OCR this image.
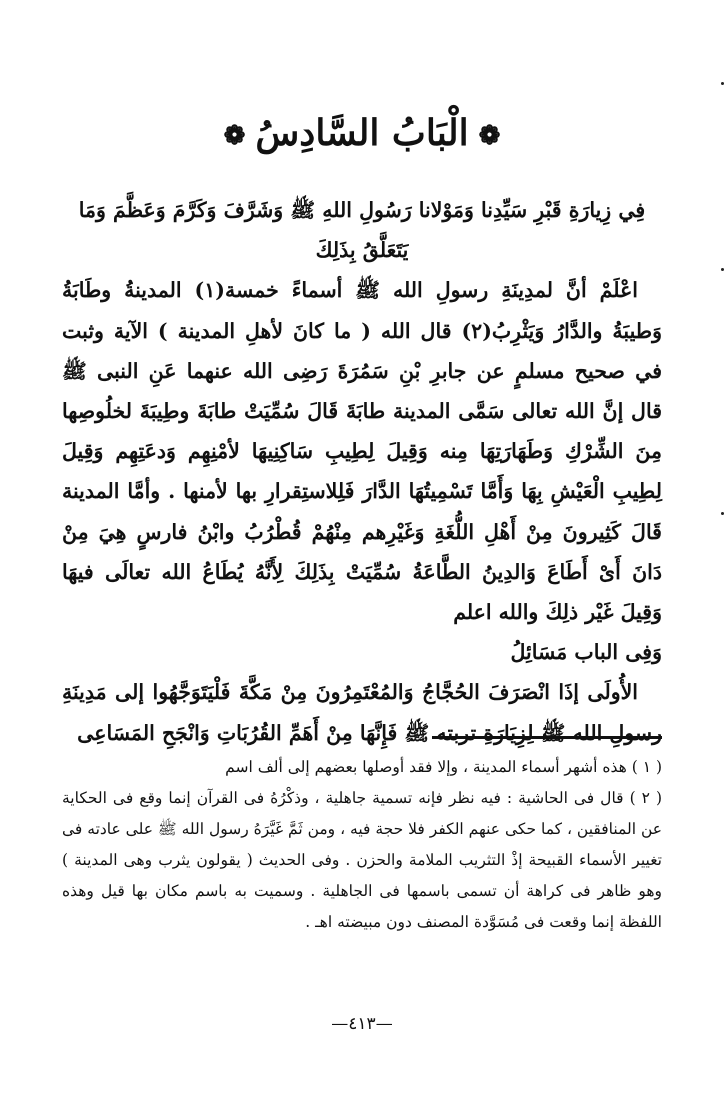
❁الْبَابُ السَّادِسُ❁

فِي زِيارَةِ قَبْرِ سَيِّدِنا وَمَوْلانا رَسُولِ اللهِ ﷺ وَشَرَّفَ وَكَرَّمَ وَعَظَّمَ وَمَا يَتَعَلَّقُ بِذَلِكَ

اعْلَمْ أنَّ لمدِينَةِ رسولِ الله ﷺ أسماءً خمسة(١) المدينةُ وطَابَةُ وَطيبَةُ والدَّارُ وَيَثْرِبُ(٢) قال الله ( ما كانَ لأهلِ المدينة ) الآية وثبت في صحيح مسلمٍ عن جابرِ بْنِ سَمُرَةَ رَضِى الله عنهما عَنِ النبى ﷺ قال إنَّ الله تعالى سَمَّى المدينة طابَةَ قَالَ سُمِّيَتْ طابَةَ وطِيبَةَ لخلُوصِها مِنَ الشِّرْكِ وَطَهَارَتِهَا مِنه وَقِيلَ لِطِيبِ سَاكِنِيهَا لأمْنِهِم وَدعَتِهِم وَقِيلَ لِطِيبِ الْعَيْشِ بِهَا وَأَمَّا تَسْمِيتُهَا الدَّارَ فَلِلاستِقرارِ بها لأمنها . وأمَّا المدينة قَالَ كَثِيرونَ مِنْ أَهْلِ اللُّغَةِ وَغَيْرِهم مِنْهُمْ قُطْرُبُ وابْنُ فارسٍ هِيَ مِنْ دَانَ أَىْ أَطَاعَ وَالدِينُ الطَّاعَةُ سُمِّيَتْ بِذَلِكَ لِأَنَّهُ يُطَاعُ الله تعالَى فيهَا وَقِيلَ غَيْر ذلِكَ والله اعلم

وَفِى الباب مَسَائِلُ

الأُولَى إذَا انْصَرَفَ الحُجَّاجُ وَالمُعْتَمِرُونَ مِنْ مَكَّةَ فَلْيَتَوَجَّهُوا إلى مَدِينَةِ رسولِ الله ﷺ لِزِيَارَةِ تربته ﷺ فَإِنَّهَا مِنْ أَهَمِّ القُرُبَاتِ وَانْجَحِ المَسَاعِى

( ١ ) هذه أشهر أسماء المدينة ، وإلا فقد أوصلها بعضهم إلى ألف اسم

( ٢ ) قال فى الحاشية : فيه نظر فإنه تسمية جاهلية ، وذكْرُهُ فى القرآن إنما وقع فى الحكاية عن المنافقين ، كما حكى عنهم الكفر فلا حجة فيه ، ومن ثَمَّ غَيَّرَهُ رسول الله ﷺ على عادته فى تغيير الأسماء القبيحة إذْ التثريب الملامة والحزن . وفى الحديث ( يقولون يثرب وهى المدينة ) وهو ظاهر فى كراهة أن تسمى باسمها فى الجاهلية . وسميت به باسم مكان بها قيل وهذه اللفظة إنما وقعت فى مُسَوَّدة المصنف دون مبيضته اهـ .

—٤١٣—
